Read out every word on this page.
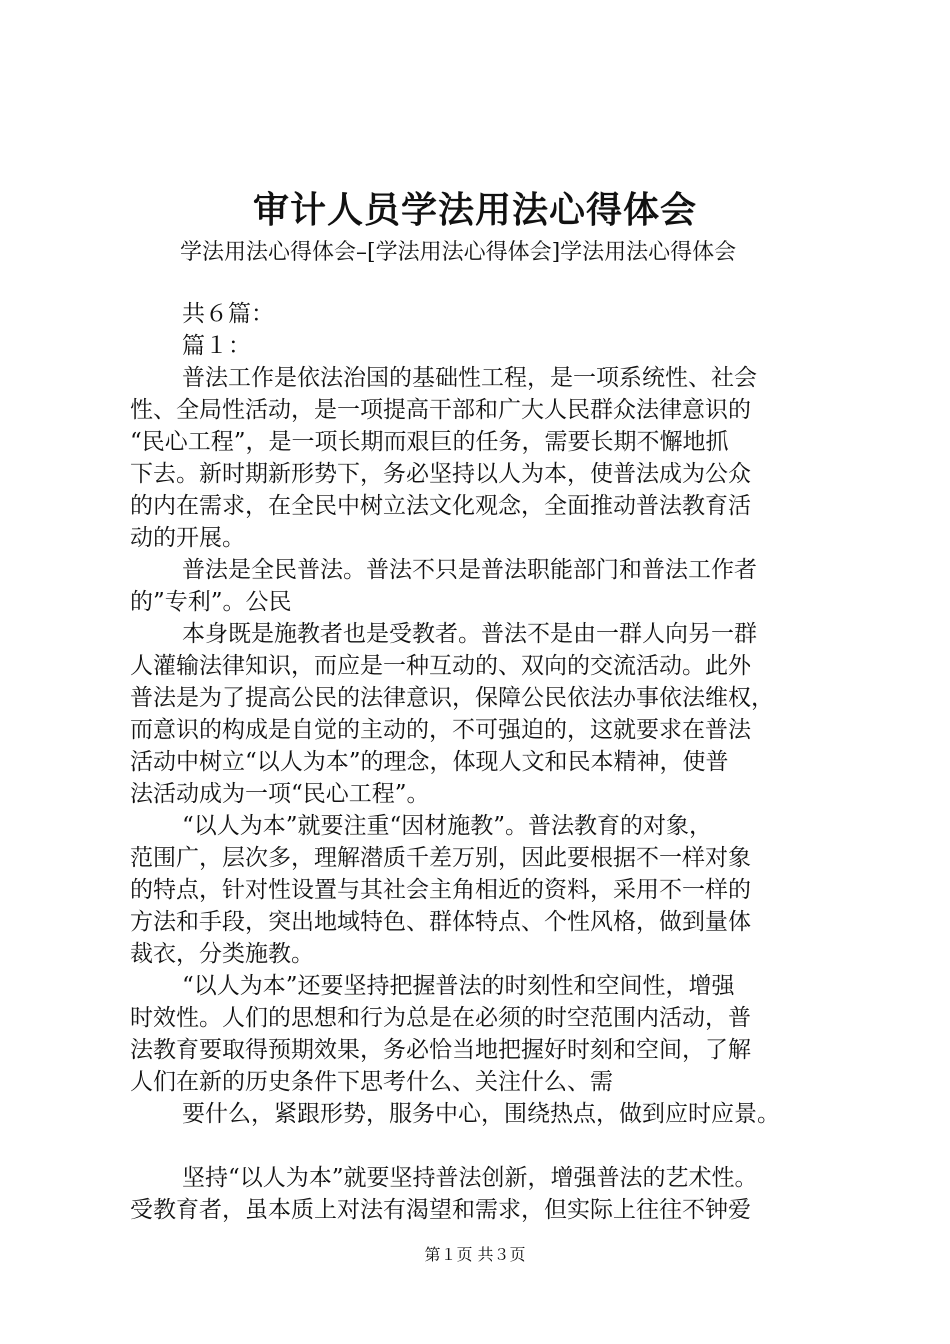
审计人员学法用法心得体会
学法用法心得体会–[学法用法心得体会]学法用法心得体会
共６篇：
篇１：
普法工作是依法治国的基础性工程，是一项系统性、社会
性、全局性活动，是一项提高干部和广大人民群众法律意识的
“民心工程”，是一项长期而艰巨的任务，需要长期不懈地抓
下去。新时期新形势下，务必坚持以人为本，使普法成为公众
的内在需求，在全民中树立法文化观念，全面推动普法教育活
动的开展。
普法是全民普法。普法不只是普法职能部门和普法工作者
的”专利”。公民
本身既是施教者也是受教者。普法不是由一群人向另一群
人灌输法律知识，而应是一种互动的、双向的交流活动。此外
普法是为了提高公民的法律意识，保障公民依法办事依法维权，
而意识的构成是自觉的主动的，不可强迫的，这就要求在普法
活动中树立“以人为本”的理念，体现人文和民本精神，使普
法活动成为一项“民心工程”。
“以人为本”就要注重“因材施教”。普法教育的对象，
范围广，层次多，理解潜质千差万别，因此要根据不一样对象
的特点，针对性设置与其社会主角相近的资料，采用不一样的
方法和手段，突出地域特色、群体特点、个性风格，做到量体
裁衣，分类施教。
“以人为本”还要坚持把握普法的时刻性和空间性，增强
时效性。人们的思想和行为总是在必须的时空范围内活动，普
法教育要取得预期效果，务必恰当地把握好时刻和空间，了解
人们在新的历史条件下思考什么、关注什么、需
要什么，紧跟形势，服务中心，围绕热点，做到应时应景。
坚持“以人为本”就要坚持普法创新，增强普法的艺术性。
受教育者，虽本质上对法有渴望和需求，但实际上往往不钟爱
第１页 共３页
